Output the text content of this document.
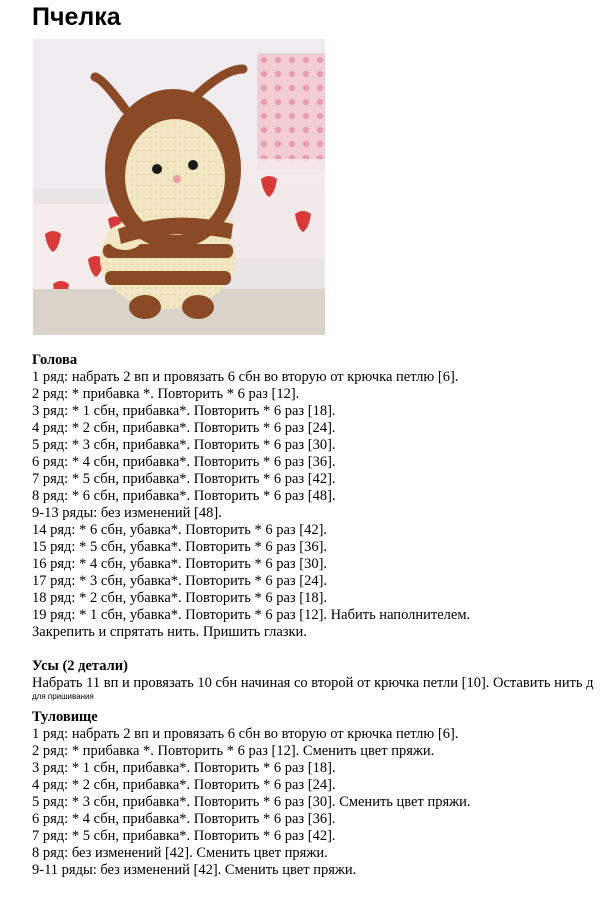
Пчелка
Голова
1 ряд: набрать 2 вп и провязать 6 сбн во вторую от крючка петлю [6].
2 ряд: * прибавка *. Повторить * 6 раз [12].
3 ряд: * 1 сбн, прибавка*. Повторить * 6 раз [18].
4 ряд: * 2 сбн, прибавка*. Повторить * 6 раз [24].
5 ряд: * 3 сбн, прибавка*. Повторить * 6 раз [30].
6 ряд: * 4 сбн, прибавка*. Повторить * 6 раз [36].
7 ряд: * 5 сбн, прибавка*. Повторить * 6 раз [42].
8 ряд: * 6 сбн, прибавка*. Повторить * 6 раз [48].
9-13 ряды: без изменений [48].
14 ряд: * 6 сбн, убавка*. Повторить * 6 раз [42].
15 ряд: * 5 сбн, убавка*. Повторить * 6 раз [36].
16 ряд: * 4 сбн, убавка*. Повторить * 6 раз [30].
17 ряд: * 3 сбн, убавка*. Повторить * 6 раз [24].
18 ряд: * 2 сбн, убавка*. Повторить * 6 раз [18].
19 ряд: * 1 сбн, убавка*. Повторить * 6 раз [12]. Набить наполнителем.
Закрепить и спрятать нить. Пришить глазки.
Усы (2 детали)
Набрать 11 вп и провязать 10 сбн начиная со второй от крючка петли [10]. Оставить нить д
для пришивания
Туловище
1 ряд: набрать 2 вп и провязать 6 сбн во вторую от крючка петлю [6].
2 ряд: * прибавка *. Повторить * 6 раз [12]. Сменить цвет пряжи.
3 ряд: * 1 сбн, прибавка*. Повторить * 6 раз [18].
4 ряд: * 2 сбн, прибавка*. Повторить * 6 раз [24].
5 ряд: * 3 сбн, прибавка*. Повторить * 6 раз [30]. Сменить цвет пряжи.
6 ряд: * 4 сбн, прибавка*. Повторить * 6 раз [36].
7 ряд: * 5 сбн, прибавка*. Повторить * 6 раз [42].
8 ряд: без изменений [42]. Сменить цвет пряжи.
9-11 ряды: без изменений [42]. Сменить цвет пряжи.
